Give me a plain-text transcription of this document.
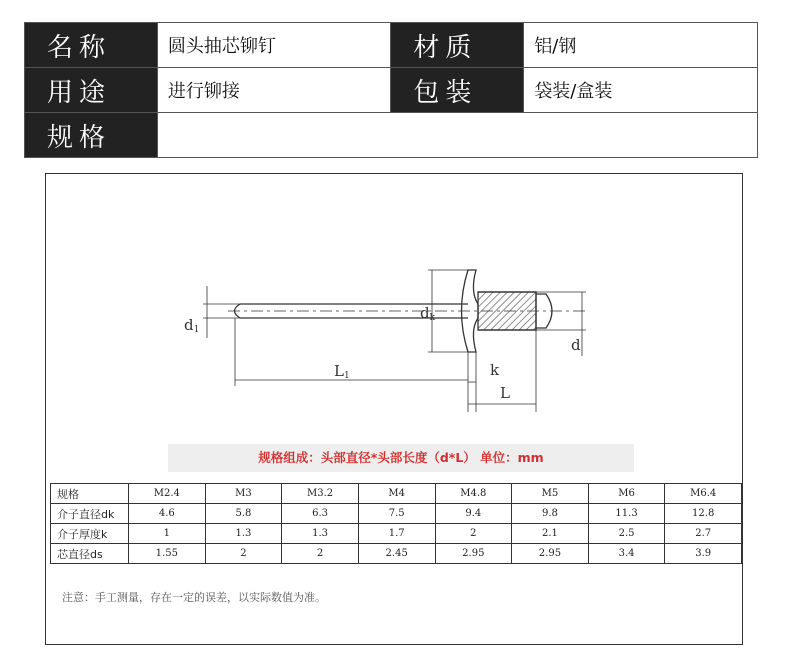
名称	圆头抽芯铆钉	材质	铝/钢
用途	进行铆接	包装	袋装/盒装
规格			
d1
dk
d
L1	k
L
规格组成：头部直径*头部长度（d*L） 单位：mm
规格	M2.4	M3	M3.2	M4	M4.8	M5	M6	M6.4
介子直径dk	4.6	5.8	6.3	7.5	9.4	9.8	11.3	12.8
介子厚度k	1	1.3	1.3	1.7	2	2.1	2.5	2.7
芯直径ds	1.55	2	2	2.45	2.95	2.95	3.4	3.9
注意：手工测量，存在一定的误差，以实际数值为准。
